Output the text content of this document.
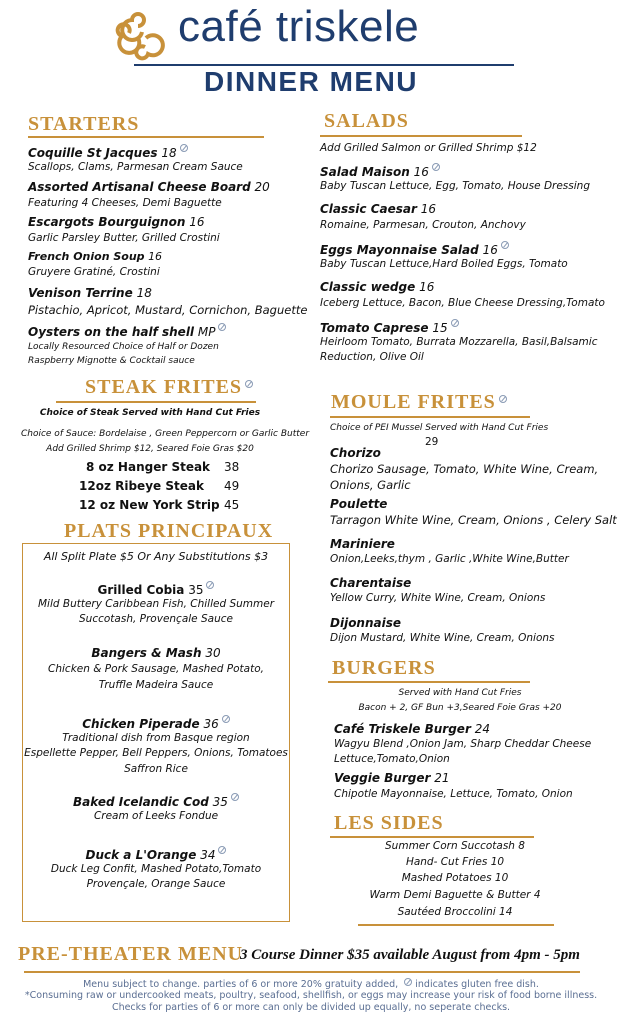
café triskele
DINNER MENU
STARTERS
Coquille St Jacques 18
Scallops, Clams, Parmesan Cream Sauce
Assorted Artisanal Cheese Board 20
Featuring 4 Cheeses, Demi Baguette
Escargots Bourguignon 16
Garlic Parsley Butter, Grilled Crostini
French Onion Soup 16
Gruyere Gratiné, Crostini
Venison Terrine 18
Pistachio, Apricot, Mustard, Cornichon, Baguette
Oysters on the half shell MP
Locally Resourced Choice of Half or Dozen
Raspberry Mignotte & Cocktail sauce
STEAK FRITES
Choice of Steak Served with Hand Cut Fries
Choice of Sauce: Bordelaise , Green Peppercorn or Garlic Butter
Add Grilled Shrimp $12, Seared Foie Gras $20
8 oz Hanger Steak 38
12oz Ribeye Steak 49
12 oz New York Strip 45
PLATS PRINCIPAUX
All Split Plate $5 Or Any Substitutions $3
Grilled Cobia 35
Mild Buttery Caribbean Fish, Chilled Summer
Succotash, Provençale Sauce
Bangers & Mash 30
Chicken & Pork Sausage, Mashed Potato,
Truffle Madeira Sauce
Chicken Piperade 36
Traditional dish from Basque region
Espellette Pepper, Bell Peppers, Onions, Tomatoes
Saffron Rice
Baked Icelandic Cod 35
Cream of Leeks Fondue
Duck a L'Orange 34
Duck Leg Confit, Mashed Potato,Tomato
Provençale, Orange Sauce
SALADS
Add Grilled Salmon or Grilled Shrimp $12
Salad Maison 16
Baby Tuscan Lettuce, Egg, Tomato, House Dressing
Classic Caesar 16
Romaine, Parmesan, Crouton, Anchovy
Eggs Mayonnaise Salad 16
Baby Tuscan Lettuce,Hard Boiled Eggs, Tomato
Classic wedge 16
Iceberg Lettuce, Bacon, Blue Cheese Dressing,Tomato
Tomato Caprese 15
Heirloom Tomato, Burrata Mozzarella, Basil,Balsamic
Reduction, Olive Oil
MOULE FRITES
Choice of PEI Mussel Served with Hand Cut Fries
29
Chorizo
Chorizo Sausage, Tomato, White Wine, Cream,
Onions, Garlic
Poulette
Tarragon White Wine, Cream, Onions , Celery Salt
Mariniere
Onion,Leeks,thym , Garlic ,White Wine,Butter
Charentaise
Yellow Curry, White Wine, Cream, Onions
Dijonnaise
Dijon Mustard, White Wine, Cream, Onions
BURGERS
Served with Hand Cut Fries
Bacon + 2, GF Bun +3,Seared Foie Gras +20
Café Triskele Burger 24
Wagyu Blend ,Onion Jam, Sharp Cheddar Cheese
Lettuce,Tomato,Onion
Veggie Burger 21
Chipotle Mayonnaise, Lettuce, Tomato, Onion
LES SIDES
Summer Corn Succotash 8
Hand- Cut Fries 10
Mashed Potatoes 10
Warm Demi Baguette & Butter 4
Sautéed Broccolini 14
PRE-THEATER MENU
3 Course Dinner $35 available August from 4pm - 5pm
Menu subject to change. parties of 6 or more 20% gratuity added, indicates gluten free dish.
*Consuming raw or undercooked meats, poultry, seafood, shellfish, or eggs may increase your risk of food borne illness.
Checks for parties of 6 or more can only be divided up equally, no seperate checks.
